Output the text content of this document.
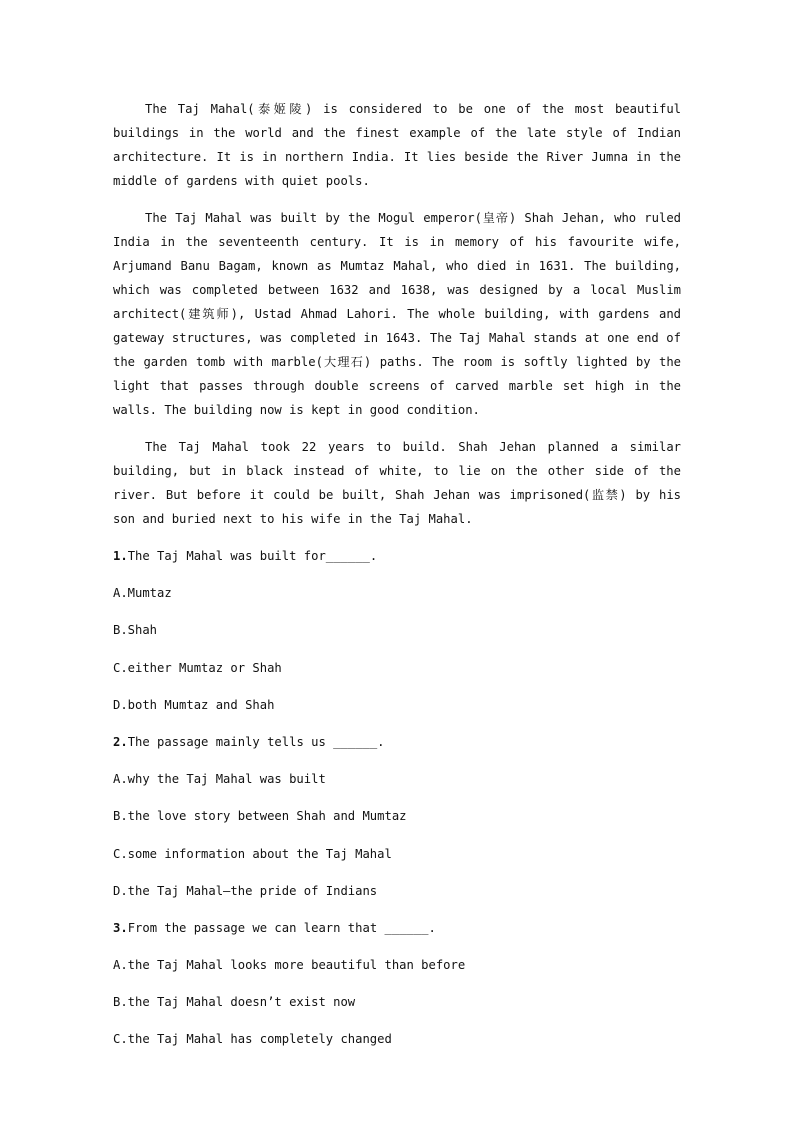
The Taj Mahal(泰姬陵) is considered to be one of the most beautiful buildings in the world and the finest example of the late style of Indian architecture. It is in northern India. It lies beside the River Jumna in the middle of gardens with quiet pools.

The Taj Mahal was built by the Mogul emperor(皇帝) Shah Jehan, who ruled India in the seventeenth century. It is in memory of his favourite wife, Arjumand Banu Bagam, known as Mumtaz Mahal, who died in 1631. The building, which was completed between 1632 and 1638, was designed by a local Muslim architect(建筑师), Ustad Ahmad Lahori. The whole building, with gardens and gateway structures, was completed in 1643. The Taj Mahal stands at one end of the garden tomb with marble(大理石) paths. The room is softly lighted by the light that passes through double screens of carved marble set high in the walls. The building now is kept in good condition.

The Taj Mahal took 22 years to build. Shah Jehan planned a similar building, but in black instead of white, to lie on the other side of the river. But before it could be built, Shah Jehan was imprisoned(监禁) by his son and buried next to his wife in the Taj Mahal.

1.The Taj Mahal was built for______.

A.Mumtaz

B.Shah

C.either Mumtaz or Shah

D.both Mumtaz and Shah

2.The passage mainly tells us ______.

A.why the Taj Mahal was built

B.the love story between Shah and Mumtaz

C.some information about the Taj Mahal

D.the Taj Mahal—the pride of Indians

3.From the passage we can learn that ______.

A.the Taj Mahal looks more beautiful than before

B.the Taj Mahal doesn’t exist now

C.the Taj Mahal has completely changed
